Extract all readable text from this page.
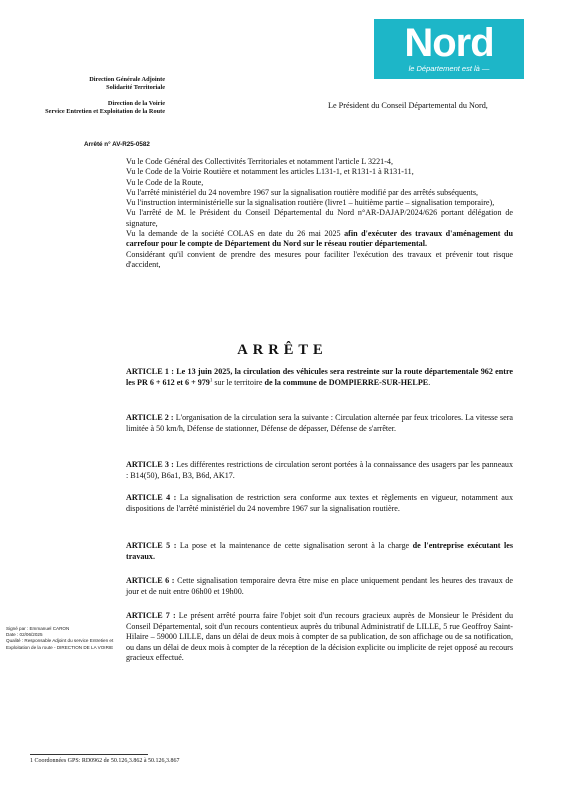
Nord
le Département est là —
Direction Générale Adjointe
Solidarité Territoriale
Direction de la Voirie
Service Entretien et Exploitation de la Route
Le Président du Conseil Départemental du Nord,
Arrêté n° AV-R25-0582

Vu le Code Général des Collectivités Territoriales et notamment l'article L 3221-4,

Vu le Code de la Voirie Routière et notamment les articles L131-1, et R131-1 à R131-11,

Vu le Code de la Route,

Vu l'arrêté ministériel du 24 novembre 1967 sur la signalisation routière modifié par des arrêtés subséquents,

Vu l'instruction interministérielle sur la signalisation routière (livre1 – huitième partie – signalisation temporaire),

Vu l'arrêté de M. le Président du Conseil Départemental du Nord n°AR-DAJAP/2024/626 portant délégation de signature,

Vu la demande de la société COLAS en date du 26 mai 2025 afin d'exécuter des travaux d'aménagement du carrefour pour le compte de Département du Nord sur le réseau routier départemental.

Considérant qu'il convient de prendre des mesures pour faciliter l'exécution des travaux et prévenir tout risque d'accident,

ARRÊTE

ARTICLE 1 : Le 13 juin 2025, la circulation des véhicules sera restreinte sur la route départementale 962 entre les PR 6 + 612 et $6 + 979^1$ sur le territoire de la commune de DOMPIERRE-SUR-HELPE.

ARTICLE 2 : L'organisation de la circulation sera la suivante : Circulation alternée par feux tricolores. La vitesse sera limitée à 50 km/h, Défense de stationner, Défense de dépasser, Défense de s'arrêter.

ARTICLE 3 : Les différentes restrictions de circulation seront portées à la connaissance des usagers par les panneaux : B14(50), B6a1, B3, B6d, AK17.

ARTICLE 4 : La signalisation de restriction sera conforme aux textes et règlements en vigueur, notamment aux dispositions de l'arrêté ministériel du 24 novembre 1967 sur la signalisation routière.

ARTICLE 5 : La pose et la maintenance de cette signalisation seront à la charge de l'entreprise exécutant les travaux.

ARTICLE 6 : Cette signalisation temporaire devra être mise en place uniquement pendant les heures des travaux de jour et de nuit entre 06h00 et 19h00.

ARTICLE 7 : Le présent arrêté pourra faire l'objet soit d'un recours gracieux auprès de Monsieur le Président du Conseil Départemental, soit d'un recours contentieux auprès du tribunal Administratif de LILLE, 5 rue Geoffroy Saint-Hilaire – 59000 LILLE, dans un délai de deux mois à compter de sa publication, de son affichage ou de sa notification, ou dans un délai de deux mois à compter de la réception de la décision explicite ou implicite de rejet opposé au recours gracieux effectué.

Signé par : Emmanuel CARON
Date : 02/06/2025
Qualité : Responsable Adjoint du service Entretien et Exploitation de la route - DIRECTION DE LA VOIRIE
1 Coordonnées GPS: RD0962 de 50.126,3.862 à 50.126,3.867
